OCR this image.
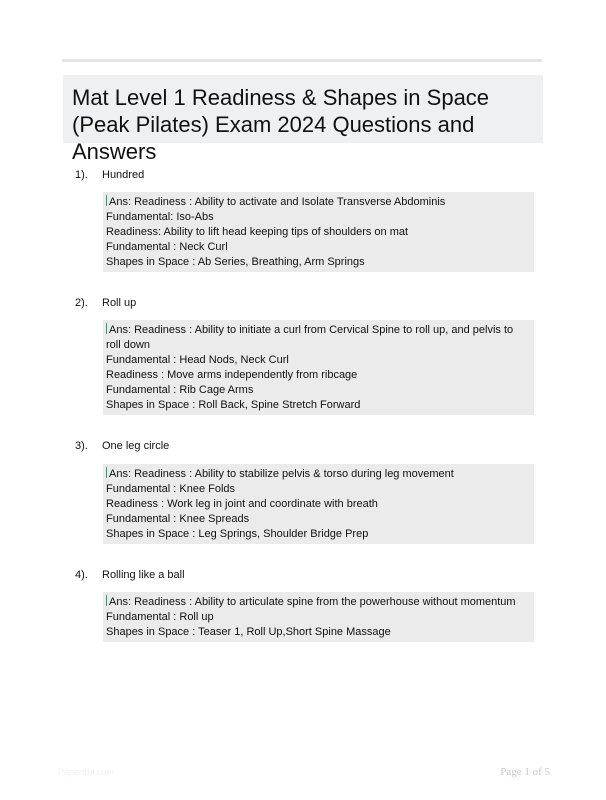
Mat Level 1 Readiness & Shapes in Space (Peak Pilates) Exam 2024 Questions and Answers
1). Hundred
Ans: Readiness : Ability to activate and Isolate Transverse Abdominis
Fundamental: Iso-Abs
Readiness: Ability to lift head keeping tips of shoulders on mat
Fundamental : Neck Curl
Shapes in Space : Ab Series, Breathing, Arm Springs
2). Roll up
Ans: Readiness : Ability to initiate a curl from Cervical Spine to roll up, and pelvis to roll down
Fundamental : Head Nods, Neck Curl
Readiness : Move arms independently from ribcage
Fundamental : Rib Cage Arms
Shapes in Space : Roll Back, Spine Stretch Forward
3). One leg circle
Ans: Readiness : Ability to stabilize pelvis & torso during leg movement
Fundamental : Knee Folds
Readiness : Work leg in joint and coordinate with breath
Fundamental : Knee Spreads
Shapes in Space : Leg Springs, Shoulder Bridge Prep
4). Rolling like a ball
Ans: Readiness : Ability to articulate spine from the powerhouse without momentum
Fundamental : Roll up
Shapes in Space : Teaser 1, Roll Up,Short Spine Massage
Papertrbi.com	Page 1 of 5
